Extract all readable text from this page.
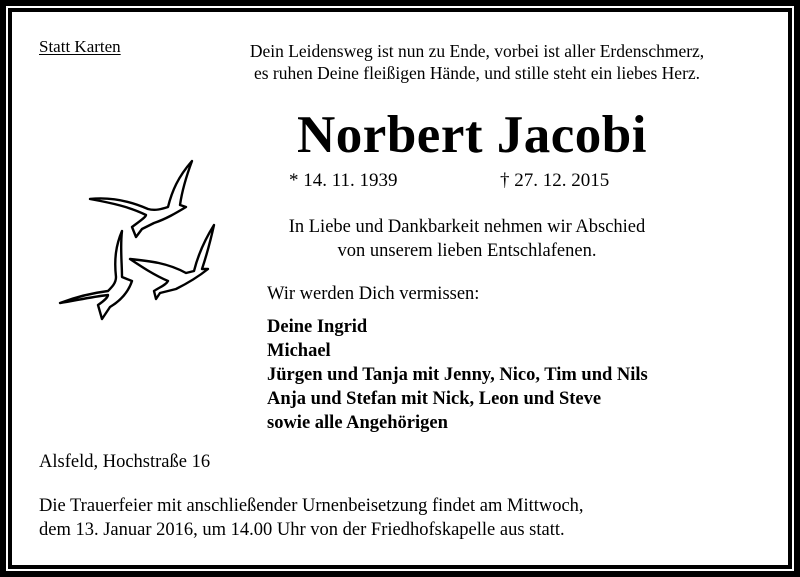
Statt Karten	Dein Leidensweg ist nun zu Ende, vorbei ist aller Erdenschmerz,
es ruhen Deine fleißigen Hände, und stille steht ein liebes Herz.
Norbert Jacobi
* 14. 11. 1939	† 27. 12. 2015
In Liebe und Dankbarkeit nehmen wir Abschied
von unserem lieben Entschlafenen.
Wir werden Dich vermissen:
Deine Ingrid
Michael
Jürgen und Tanja mit Jenny, Nico, Tim und Nils
Anja und Stefan mit Nick, Leon und Steve
sowie alle Angehörigen
Alsfeld, Hochstraße 16
Die Trauerfeier mit anschließender Urnenbeisetzung findet am Mittwoch,
dem 13. Januar 2016, um 14.00 Uhr von der Friedhofskapelle aus statt.
